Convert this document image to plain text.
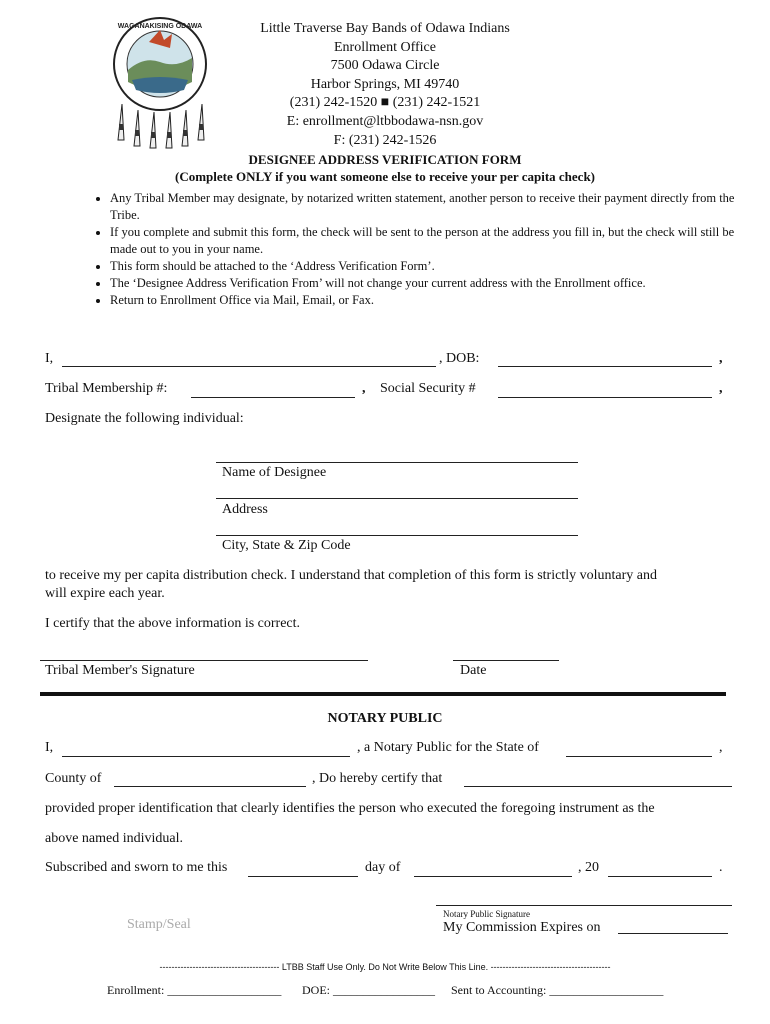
WAGANAKISING ODAWA	Little Traverse Bay Bands of Odawa Indians
Enrollment Office
7500 Odawa Circle
Harbor Springs, MI 49740
(231) 242-1520 ■ (231) 242-1521
E: enrollment@ltbbodawa-nsn.gov
F: (231) 242-1526
DESIGNEE ADDRESS VERIFICATION FORM
(Complete ONLY if you want someone else to receive your per capita check)
• Any Tribal Member may designate, by notarized written statement, another person to receive their payment directly from the Tribe.
• If you complete and submit this form, the check will be sent to the person at the address you fill in, but the check will still be made out to you in your name.
• This form should be attached to the ‘Address Verification Form’.
• The ‘Designee Address Verification From’ will not change your current address with the Enrollment office.
• Return to Enrollment Office via Mail, Email, or Fax.
I,	, DOB:	,
Tribal Membership #:	, Social Security #	,
Designate the following individual:
Name of Designee
Address
City, State & Zip Code
to receive my per capita distribution check. I understand that completion of this form is strictly voluntary and
will expire each year.
I certify that the above information is correct.
Tribal Member's Signature	Date
NOTARY PUBLIC
I,	, a Notary Public for the State of	,
County of	, Do hereby certify that
provided proper identification that clearly identifies the person who executed the foregoing instrument as the
above named individual.
Subscribed and sworn to me this	day of	, 20	.
Stamp/Seal
Notary Public Signature
My Commission Expires on
---------------------------------------- LTBB Staff Use Only. Do Not Write Below This Line. ----------------------------------------
Enrollment: ___________________ DOE: _________________ Sent to Accounting: ___________________
